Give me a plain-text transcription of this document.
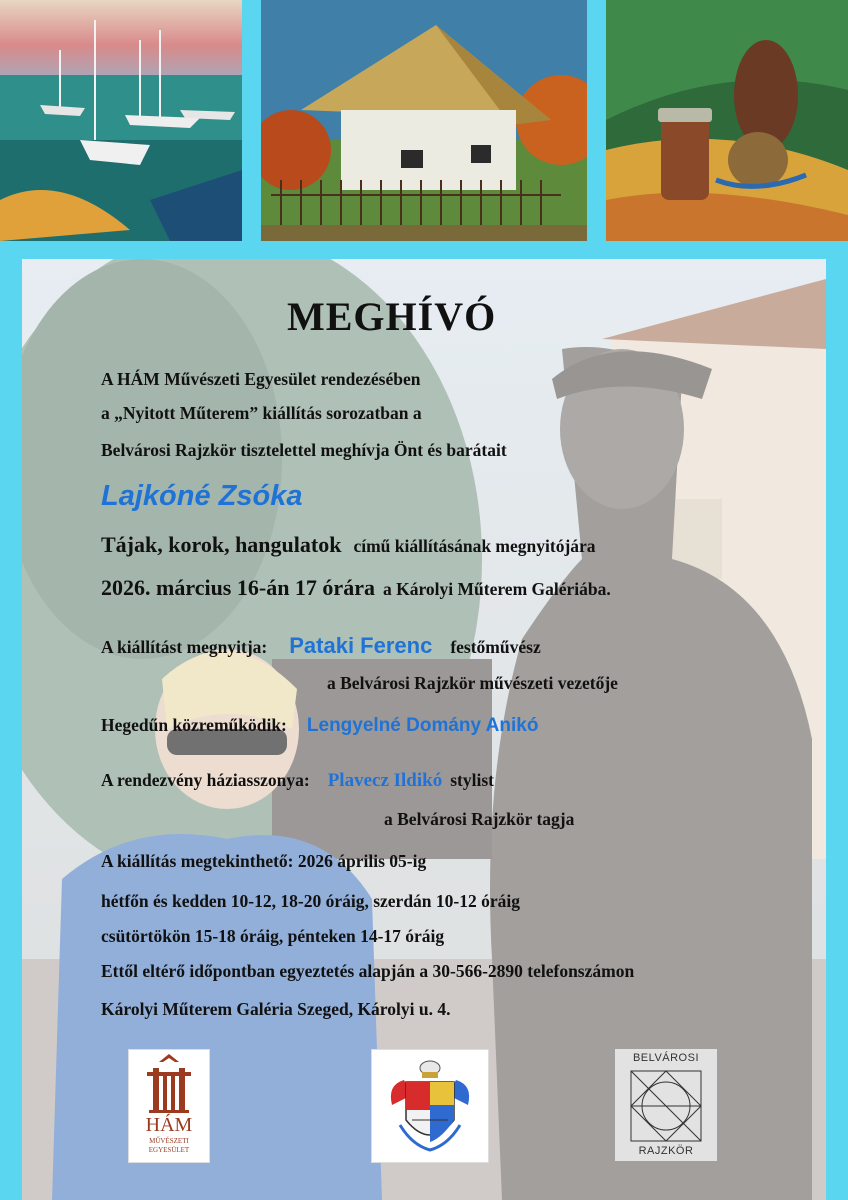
MEGHÍVÓ
A HÁM Művészeti Egyesület rendezésében
a „Nyitott Műterem” kiállítás sorozatban a
Belvárosi Rajzkör tisztelettel meghívja Önt és barátait
Lajkóné Zsóka
Tájak, korok, hangulatok című kiállításának megnyitójára
2026. március 16-án 17 órára a Károlyi Műterem Galériába.
A kiállítást megnyitja: Pataki Ferenc festőművész
a Belvárosi Rajzkör művészeti vezetője
Hegedűn közreműködik: Lengyelné Domány Anikó
A rendezvény háziasszonya: Plavecz Ildikó stylist
a Belvárosi Rajzkör tagja
A kiállítás megtekinthető: 2026 április 05-ig
hétfőn és kedden 10-12, 18-20 óráig, szerdán 10-12 óráig
csütörtökön 15-18 óráig, pénteken 14-17 óráig
Ettől eltérő időpontban egyeztetés alapján a 30-566-2890 telefonszámon
Károlyi Műterem Galéria Szeged, Károlyi u. 4.
HÁM
MŰVÉSZETI
EGYESÜLET
BELVÁROSI
RAJZKÖR
